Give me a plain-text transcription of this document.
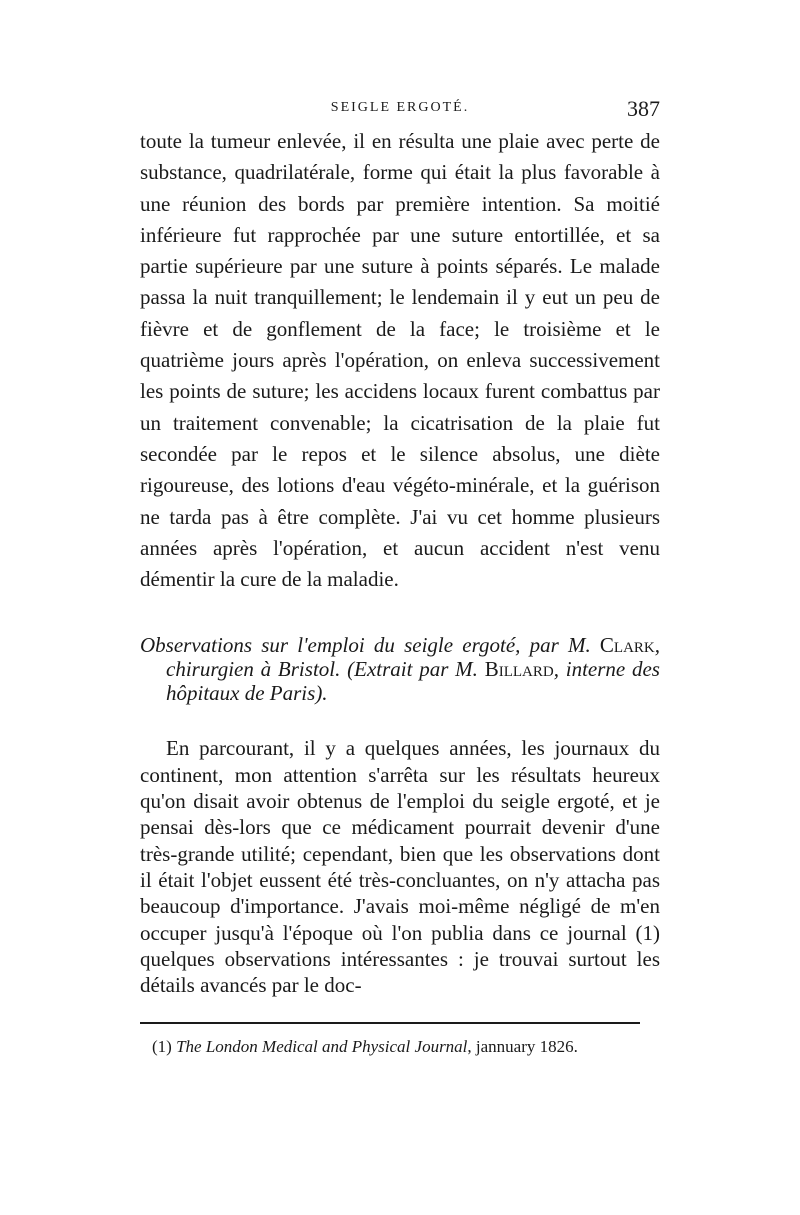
SEIGLE ERGOTÉ.	387

toute la tumeur enlevée, il en résulta une plaie avec perte de substance, quadrilatérale, forme qui était la plus favorable à une réunion des bords par première intention. Sa moitié inférieure fut rapprochée par une suture entortillée, et sa partie supérieure par une suture à points séparés. Le malade passa la nuit tranquillement; le lendemain il y eut un peu de fièvre et de gonflement de la face; le troisième et le quatrième jours après l'opération, on enleva successivement les points de suture; les accidens locaux furent combattus par un traitement convenable; la cicatrisation de la plaie fut secondée par le repos et le silence absolus, une diète rigoureuse, des lotions d'eau végéto-minérale, et la guérison ne tarda pas à être complète. J'ai vu cet homme plusieurs années après l'opération, et aucun accident n'est venu démentir la cure de la maladie.

Observations sur l'emploi du seigle ergoté, par M. Clark, chirurgien à Bristol. (Extrait par M. Billard, interne des hôpitaux de Paris).

En parcourant, il y a quelques années, les journaux du continent, mon attention s'arrêta sur les résultats heureux qu'on disait avoir obtenus de l'emploi du seigle ergoté, et je pensai dès-lors que ce médicament pourrait devenir d'une très-grande utilité; cependant, bien que les observations dont il était l'objet eussent été très-concluantes, on n'y attacha pas beaucoup d'importance. J'avais moi-même négligé de m'en occuper jusqu'à l'époque où l'on publia dans ce journal (1) quelques observations intéressantes : je trouvai surtout les détails avancés par le doc-

(1) The London Medical and Physical Journal, jannuary 1826.
